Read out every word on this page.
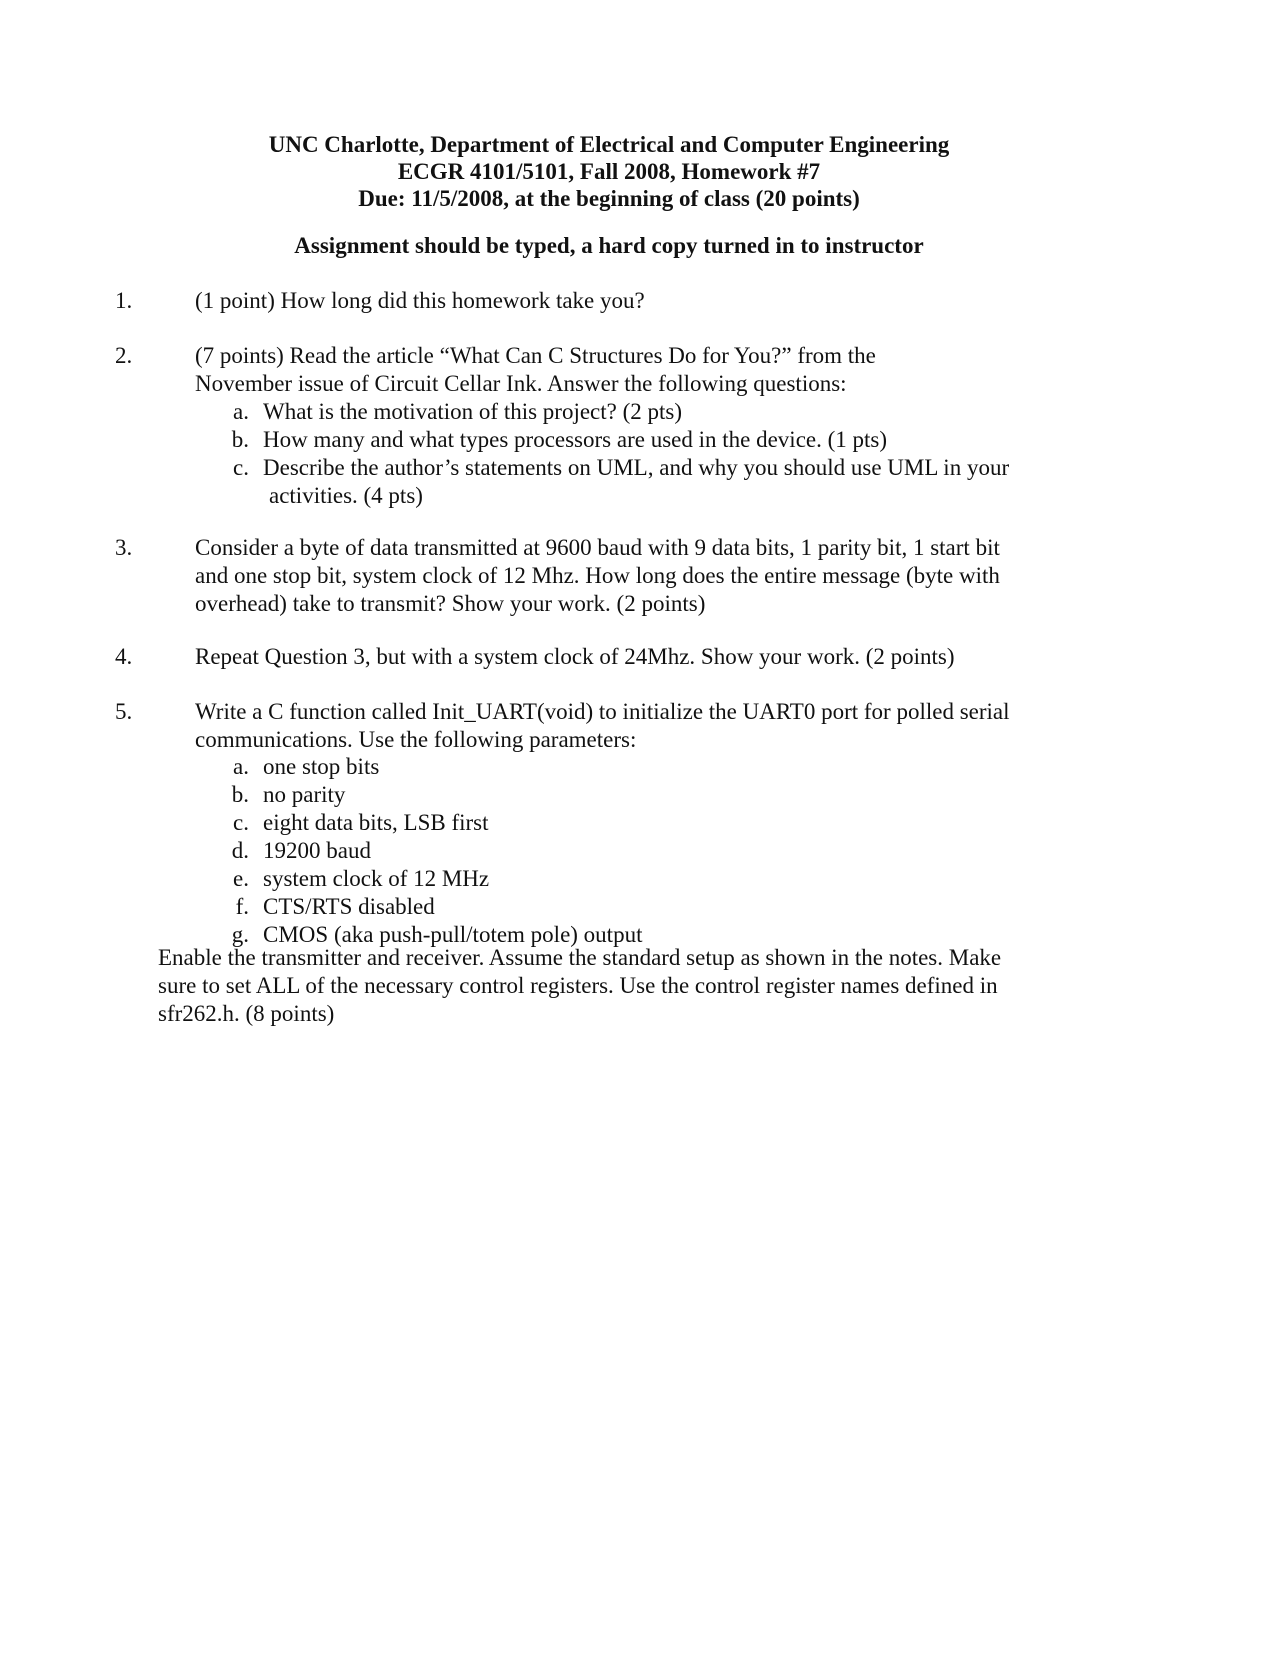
UNC Charlotte, Department of Electrical and Computer Engineering
ECGR 4101/5101, Fall 2008, Homework #7
Due: 11/5/2008, at the beginning of class (20 points)
Assignment should be typed, a hard copy turned in to instructor
1.	(1 point) How long did this homework take you?
2.	(7 points) Read the article “What Can C Structures Do for You?” from the
November issue of Circuit Cellar Ink. Answer the following questions:
a. What is the motivation of this project? (2 pts)
b. How many and what types processors are used in the device. (1 pts)
c. Describe the author’s statements on UML, and why you should use UML in your
activities. (4 pts)
3.	Consider a byte of data transmitted at 9600 baud with 9 data bits, 1 parity bit, 1 start bit
and one stop bit, system clock of 12 Mhz. How long does the entire message (byte with
overhead) take to transmit? Show your work. (2 points)
4.	Repeat Question 3, but with a system clock of 24Mhz. Show your work. (2 points)
5.	Write a C function called Init_UART(void) to initialize the UART0 port for polled serial
communications. Use the following parameters:
a. one stop bits
b. no parity
c. eight data bits, LSB first
d. 19200 baud
e. system clock of 12 MHz
f. CTS/RTS disabled
g. CMOS (aka push-pull/totem pole) output
Enable the transmitter and receiver. Assume the standard setup as shown in the notes. Make
sure to set ALL of the necessary control registers. Use the control register names defined in
sfr262.h. (8 points)
